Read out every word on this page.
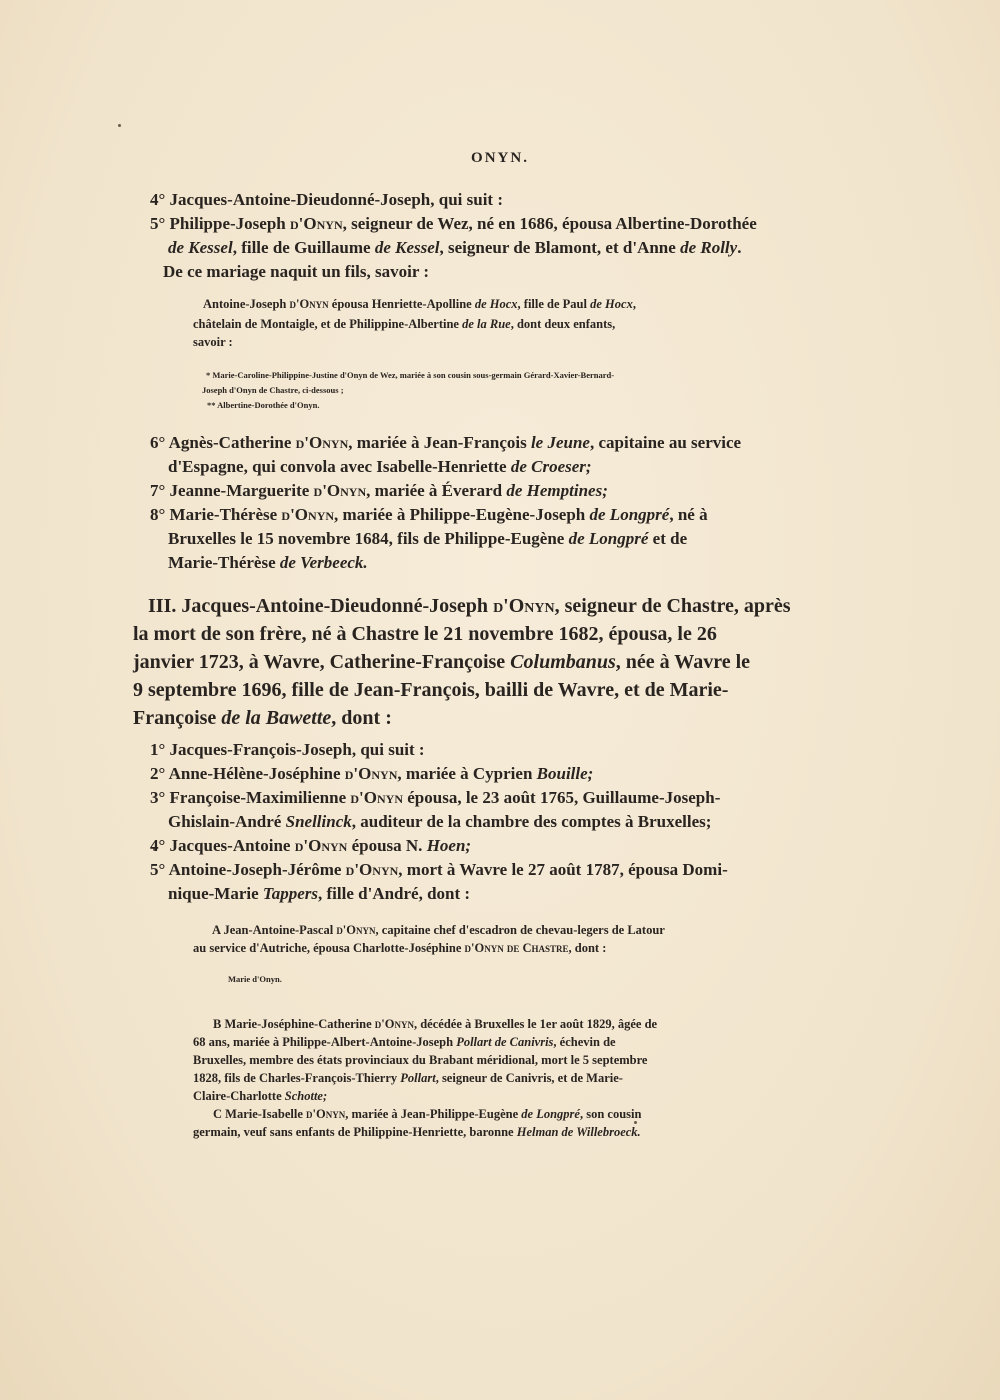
ONYN.
4° Jacques-Antoine-Dieudonné-Joseph, qui suit :
5° Philippe-Joseph d'Onyn, seigneur de Wez, né en 1686, épousa Albertine-Dorothée
de Kessel, fille de Guillaume de Kessel, seigneur de Blamont, et d'Anne de Rolly.
De ce mariage naquit un fils, savoir :
Antoine-Joseph d'Onyn épousa Henriette-Apolline de Hocx, fille de Paul de Hocx,
châtelain de Montaigle, et de Philippine-Albertine de la Rue, dont deux enfants,
savoir :
* Marie-Caroline-Philippine-Justine d'Onyn de Wez, mariée à son cousin sous-germain Gérard-Xavier-Bernard-
Joseph d'Onyn de Chastre, ci-dessous ;
** Albertine-Dorothée d'Onyn.
6° Agnès-Catherine d'Onyn, mariée à Jean-François le Jeune, capitaine au service
d'Espagne, qui convola avec Isabelle-Henriette de Croeser;
7° Jeanne-Marguerite d'Onyn, mariée à Éverard de Hemptines;
8° Marie-Thérèse d'Onyn, mariée à Philippe-Eugène-Joseph de Longpré, né à
Bruxelles le 15 novembre 1684, fils de Philippe-Eugène de Longpré et de
Marie-Thérèse de Verbeeck.
III. Jacques-Antoine-Dieudonné-Joseph d'Onyn, seigneur de Chastre, après
la mort de son frère, né à Chastre le 21 novembre 1682, épousa, le 26
janvier 1723, à Wavre, Catherine-Françoise Columbanus, née à Wavre le
9 septembre 1696, fille de Jean-François, bailli de Wavre, et de Marie-
Françoise de la Bawette, dont :
1° Jacques-François-Joseph, qui suit :
2° Anne-Hélène-Joséphine d'Onyn, mariée à Cyprien Bouille;
3° Françoise-Maximilienne d'Onyn épousa, le 23 août 1765, Guillaume-Joseph-
Ghislain-André Snellinck, auditeur de la chambre des comptes à Bruxelles;
4° Jacques-Antoine d'Onyn épousa N. Hoen;
5° Antoine-Joseph-Jérôme d'Onyn, mort à Wavre le 27 août 1787, épousa Domi-
nique-Marie Tappers, fille d'André, dont :
A Jean-Antoine-Pascal d'Onyn, capitaine chef d'escadron de chevau-legers de Latour
au service d'Autriche, épousa Charlotte-Joséphine d'Onyn de Chastre, dont :
Marie d'Onyn.
B Marie-Joséphine-Catherine d'Onyn, décédée à Bruxelles le 1er août 1829, âgée de
68 ans, mariée à Philippe-Albert-Antoine-Joseph Pollart de Canivris, échevin de
Bruxelles, membre des états provinciaux du Brabant méridional, mort le 5 septembre
1828, fils de Charles-François-Thierry Pollart, seigneur de Canivris, et de Marie-
Claire-Charlotte Schotte;
C Marie-Isabelle d'Onyn, mariée à Jean-Philippe-Eugène de Longpré, son cousin
germain, veuf sans enfants de Philippine-Henriette, baronne Helman de Willebroeck.
